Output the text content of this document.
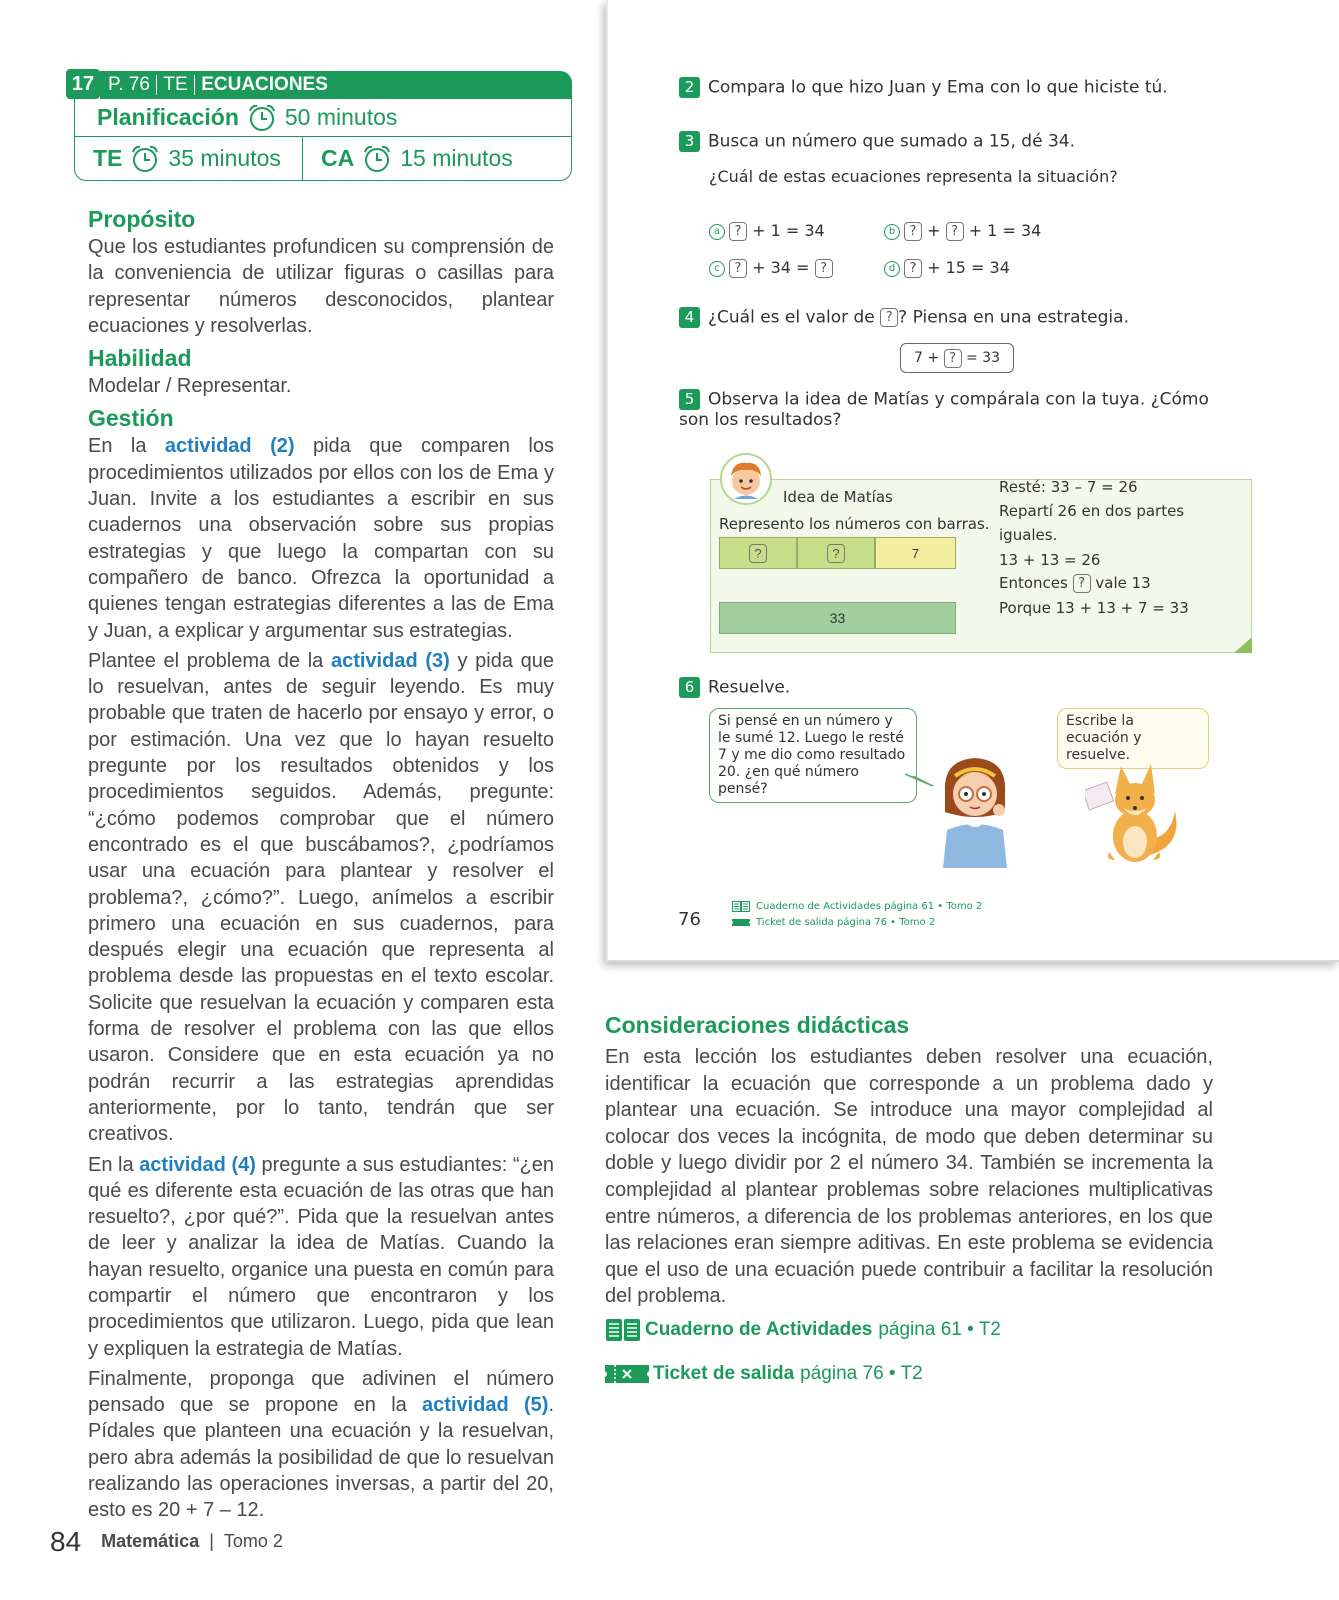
17 P. 76 TE ECUACIONES
Planificación 50 minutos
TE 35 minutos CA 15 minutos
Propósito

Que los estudiantes profundicen su comprensión de la conveniencia de utilizar figuras o casillas para representar números desconocidos, plantear ecuaciones y resolverlas.

Habilidad

Modelar / Representar.

Gestión

En la actividad (2) pida que comparen los procedimientos utilizados por ellos con los de Ema y Juan. Invite a los estudiantes a escribir en sus cuadernos una observación sobre sus propias estrategias y que luego la compartan con su compañero de banco. Ofrezca la oportunidad a quienes tengan estrategias diferentes a las de Ema y Juan, a explicar y argumentar sus estrategias.

Plantee el problema de la actividad (3) y pida que lo resuelvan, antes de seguir leyendo. Es muy probable que traten de hacerlo por ensayo y error, o por estimación. Una vez que lo hayan resuelto pregunte por los resultados obtenidos y los procedimientos seguidos. Además, pregunte: “¿cómo podemos comprobar que el número encontrado es el que buscábamos?, ¿podríamos usar una ecuación para plantear y resolver el problema?, ¿cómo?”. Luego, anímelos a escribir primero una ecuación en sus cuadernos, para después elegir una ecuación que representa al problema desde las propuestas en el texto escolar. Solicite que resuelvan la ecuación y comparen esta forma de resolver el problema con las que ellos usaron. Considere que en esta ecuación ya no podrán recurrir a las estrategias aprendidas anteriormente, por lo tanto, tendrán que ser creativos.

En la actividad (4) pregunte a sus estudiantes: “¿en qué es diferente esta ecuación de las otras que han resuelto?, ¿por qué?”. Pida que la resuelvan antes de leer y analizar la idea de Matías. Cuando la hayan resuelto, organice una puesta en común para compartir el número que encontraron y los procedimientos que utilizaron. Luego, pida que lean y expliquen la estrategia de Matías.

Finalmente, proponga que adivinen el número pensado que se propone en la actividad (5). Pídales que planteen una ecuación y la resuelvan, pero abra además la posibilidad de que lo resuelvan realizando las operaciones inversas, a partir del 20, esto es 20 + 7 – 12.

84 Matemática | Tomo 2
2 Compara lo que hizo Juan y Ema con lo que hiciste tú.
3 Busca un número que sumado a 15, dé 34.
¿Cuál de estas ecuaciones representa la situación?
a ? + 1 = 34	b ? + ? + 1 = 34
c ? + 34 = ?	d ? + 15 = 34
4 ¿Cuál es el valor de ? ? Piensa en una estrategia.
7 + ? = 33
5 Observa la idea de Matías y compárala con la tuya. ¿Cómo son los resultados?
Idea de Matías
Represento los números con barras.
?	?	7
33
Resté: 33 – 7 = 26
Repartí 26 en dos partes
iguales.
13 + 13 = 26
Entonces ? vale 13
Porque 13 + 13 + 7 = 33
6 Resuelve.
Si pensé en un número y le sumé 12. Luego le resté 7 y me dio como resultado 20. ¿en qué número pensé?
Escribe la ecuación y resuelve.
76
Cuaderno de Actividades página 61 • Tomo 2
Ticket de salida página 76 • Tomo 2
Consideraciones didácticas

En esta lección los estudiantes deben resolver una ecuación, identificar la ecuación que corresponde a un problema dado y plantear una ecuación. Se introduce una mayor complejidad al colocar dos veces la incógnita, de modo que deben determinar su doble y luego dividir por 2 el número 34. También se incrementa la complejidad al plantear problemas sobre relaciones multiplicativas entre números, a diferencia de los problemas anteriores, en los que las relaciones eran siempre aditivas. En este problema se evidencia que el uso de una ecuación puede contribuir a facilitar la resolución del problema.

Cuaderno de Actividades página 61 • T2
Ticket de salida página 76 • T2
